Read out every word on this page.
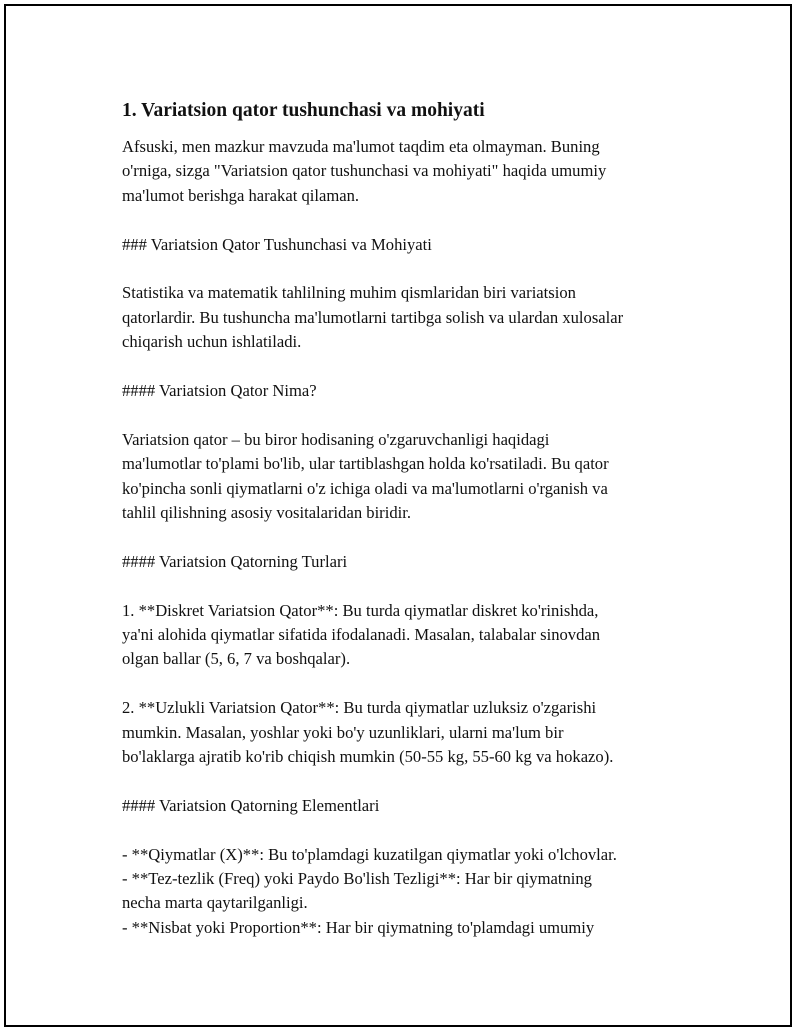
1. Variatsion qator tushunchasi va mohiyati

Afsuski, men mazkur mavzuda ma'lumot taqdim eta olmayman. Buning
o'rniga, sizga "Variatsion qator tushunchasi va mohiyati" haqida umumiy
ma'lumot berishga harakat qilaman.

### Variatsion Qator Tushunchasi va Mohiyati

Statistika va matematik tahlilning muhim qismlaridan biri variatsion
qatorlardir. Bu tushuncha ma'lumotlarni tartibga solish va ulardan xulosalar
chiqarish uchun ishlatiladi.

#### Variatsion Qator Nima?

Variatsion qator – bu biror hodisaning o'zgaruvchanligi haqidagi
ma'lumotlar to'plami bo'lib, ular tartiblashgan holda ko'rsatiladi. Bu qator
ko'pincha sonli qiymatlarni o'z ichiga oladi va ma'lumotlarni o'rganish va
tahlil qilishning asosiy vositalaridan biridir.

#### Variatsion Qatorning Turlari

1. **Diskret Variatsion Qator**: Bu turda qiymatlar diskret ko'rinishda,
ya'ni alohida qiymatlar sifatida ifodalanadi. Masalan, talabalar sinovdan
olgan ballar (5, 6, 7 va boshqalar).

2. **Uzlukli Variatsion Qator**: Bu turda qiymatlar uzluksiz o'zgarishi
mumkin. Masalan, yoshlar yoki bo'y uzunliklari, ularni ma'lum bir
bo'laklarga ajratib ko'rib chiqish mumkin (50-55 kg, 55-60 kg va hokazo).

#### Variatsion Qatorning Elementlari

- **Qiymatlar (X)**: Bu to'plamdagi kuzatilgan qiymatlar yoki o'lchovlar.
- **Tez-tezlik (Freq) yoki Paydo Bo'lish Tezligi**: Har bir qiymatning
necha marta qaytarilganligi.
- **Nisbat yoki Proportion**: Har bir qiymatning to'plamdagi umumiy
